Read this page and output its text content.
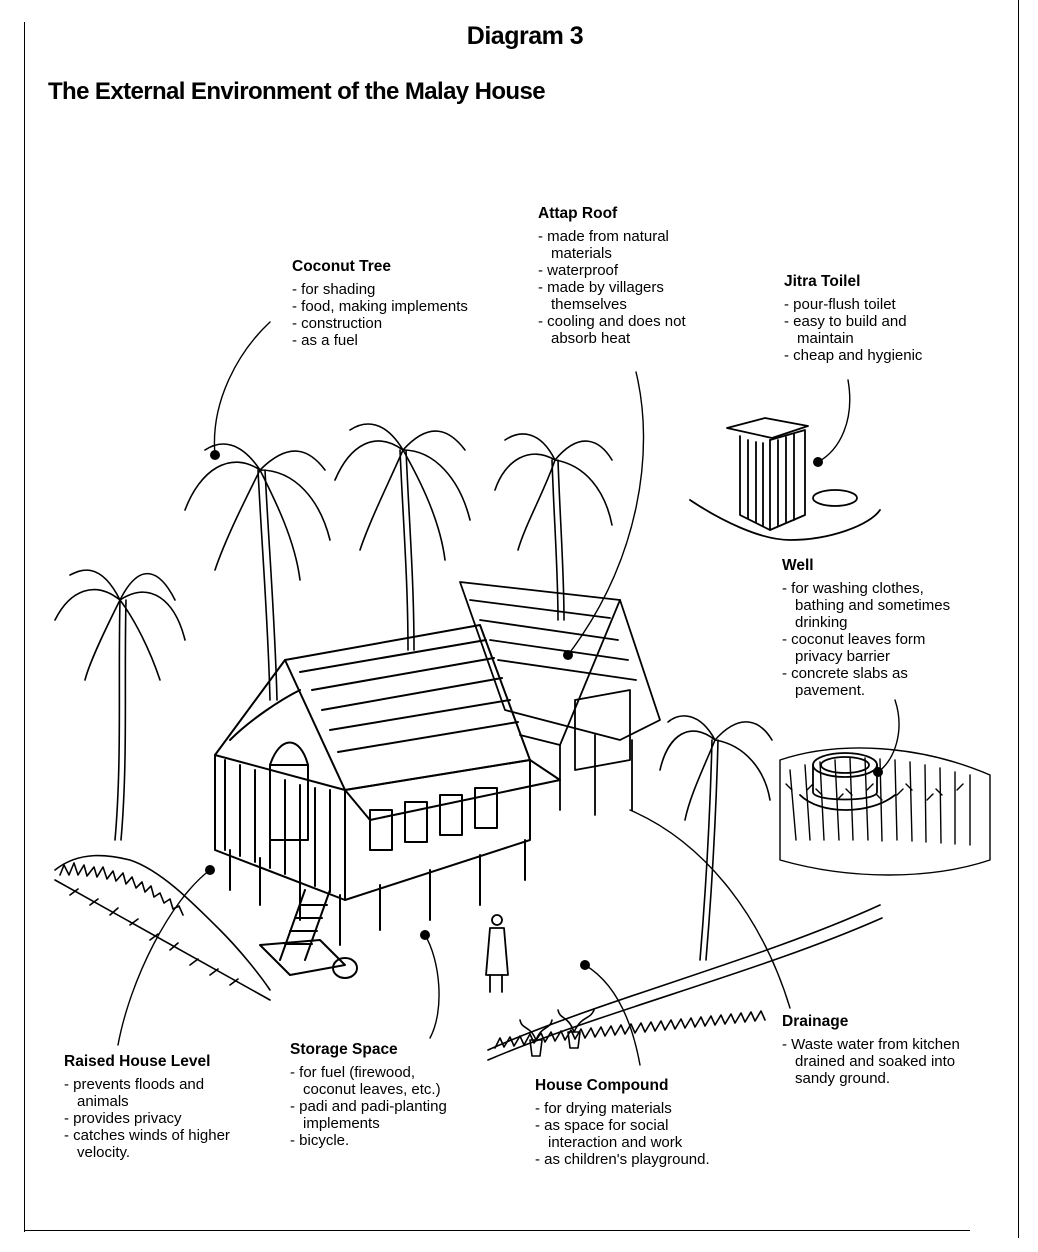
Diagram 3
The External Environment of the Malay House
Coconut Tree
- for shading
- food, making implements
- construction
- as a fuel
Attap Roof
- made from natural materials
- waterproof
- made by villagers themselves
- cooling and does not absorb heat
Jitra Toilel
- pour-flush toilet
- easy to build and maintain
- cheap and hygienic
Well
- for washing clothes, bathing and sometimes drinking
- coconut leaves form privacy barrier
- concrete slabs as pavement.
Drainage
- Waste water from kitchen drained and soaked into sandy ground.
House Compound
- for drying materials
- as space for social interaction and work
- as children's playground.
Storage Space
- for fuel (firewood, coconut leaves, etc.)
- padi and padi-planting implements
- bicycle.
Raised House Level
- prevents floods and animals
- provides privacy
- catches winds of higher velocity.
